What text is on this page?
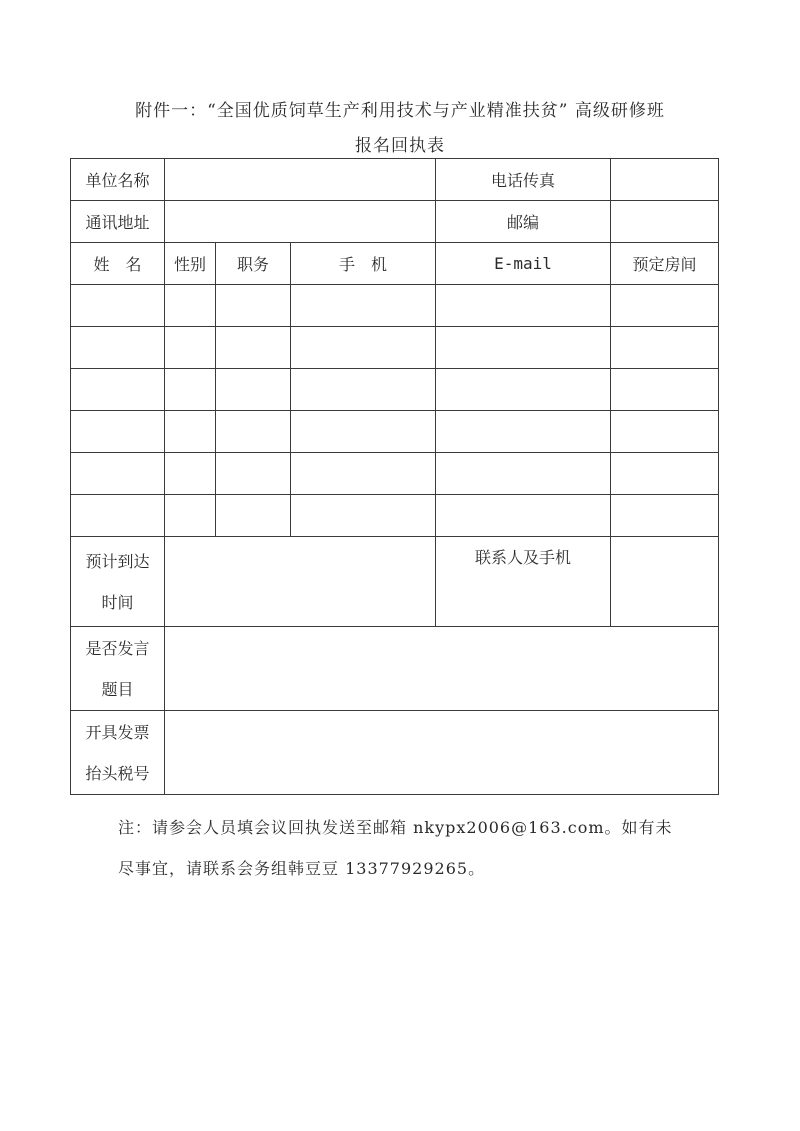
附件一：“全国优质饲草生产利用技术与产业精准扶贫” 高级研修班
报名回执表
单位名称				电话传真	
通讯地址				邮编	
姓　名	性别	职务	手　机	E-mail	预定房间

预计到达
时间				联系人及手机	

是否发言
题目					

开具发票
抬头税号					

注：请参会人员填会议回执发送至邮箱 nkypx2006@163.com。如有未
尽事宜，请联系会务组韩豆豆 13377929265。
